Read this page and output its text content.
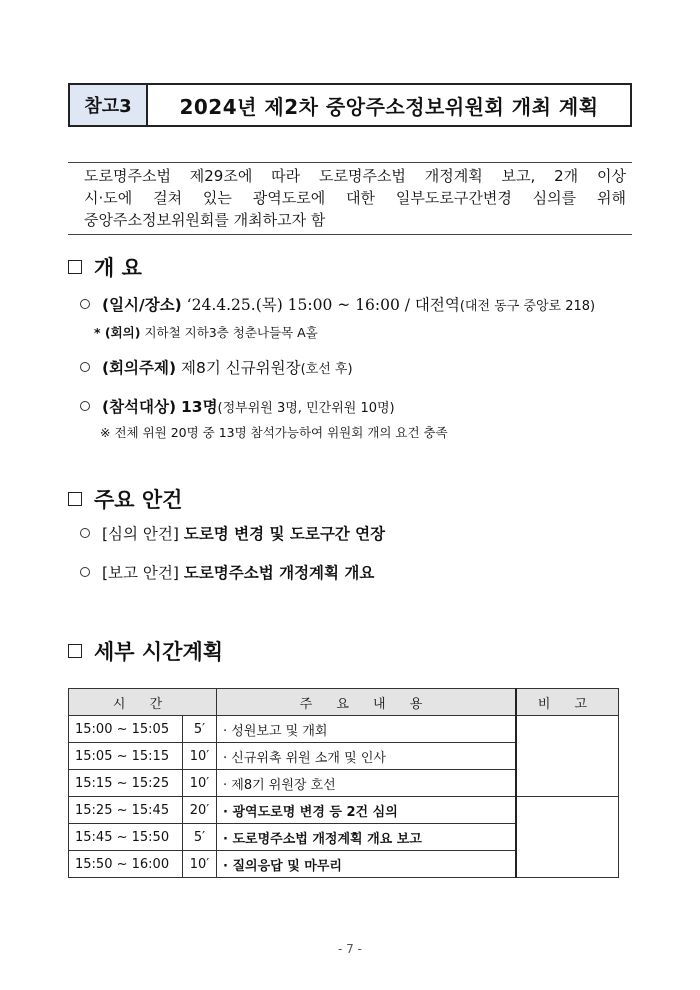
참고3	2024년 제2차 중앙주소정보위원회 개최 계획
도로명주소법 제29조에 따라 도로명주소법 개정계획 보고, 2개 이상
시·도에 걸쳐 있는 광역도로에 대한 일부도로구간변경 심의를 위해
중앙주소정보위원회를 개최하고자 함
개 요
(일시/장소)
‘24.4.25.(목) 15:00 ~ 16:00 / 대전역 (대전 동구 중앙로 218)
* (회의)
지하철 지하3층 청춘나들목 A홀
(회의주제)
제8기 신규위원장 (호선 후)
(참석대상)
13명 (정부위원 3명, 민간위원 10명)
※ 전체 위원 20명 중 13명 참석가능하여 위원회 개의 요건 충족
주요 안건
[심의 안건]
도로명 변경 및 도로구간 연장
[보고 안건]
도로명주소법 개정계획 개요
세부 시간계획
시 간		주 요 내 용	비 고
15:00 ~ 15:05	5′	· 성원보고 및 개회	
15:05 ~ 15:15	10′	· 신규위촉 위원 소개 및 인사	
15:15 ~ 15:25	10′	· 제8기 위원장 호선	
15:25 ~ 15:45	20′	· 광역도로명 변경 등 2건 심의	
15:45 ~ 15:50	5′	· 도로명주소법 개정계획 개요 보고	
15:50 ~ 16:00	10′	· 질의응답 및 마무리	
- 7 -
